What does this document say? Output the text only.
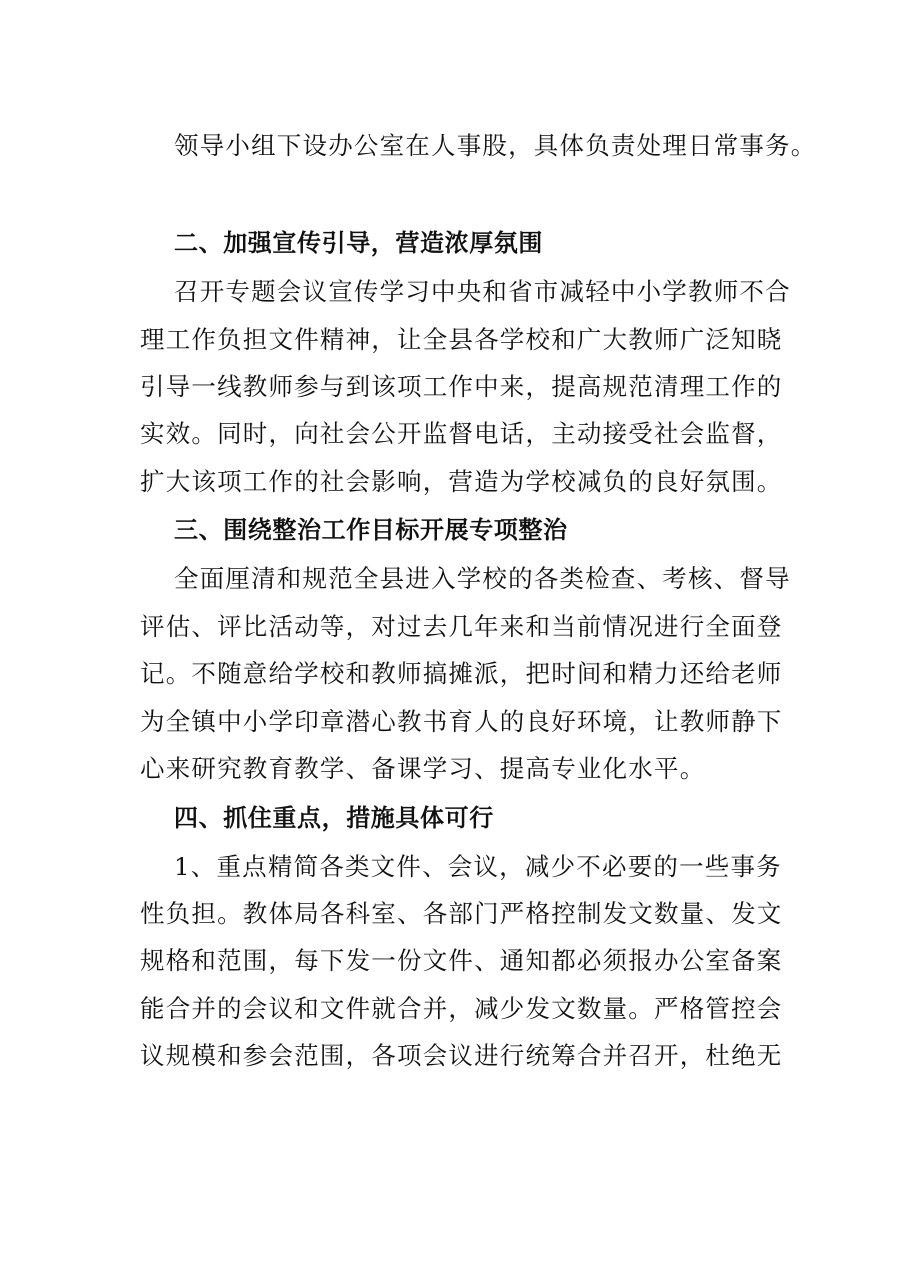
领导小组下设办公室在人事股，具体负责处理日常事务。
二、加强宣传引导，营造浓厚氛围
召开专题会议宣传学习中央和省市减轻中小学教师不合
理工作负担文件精神，让全县各学校和广大教师广泛知晓
引导一线教师参与到该项工作中来，提高规范清理工作的
实效。同时，向社会公开监督电话，主动接受社会监督，
扩大该项工作的社会影响，营造为学校减负的良好氛围。
三、围绕整治工作目标开展专项整治
全面厘清和规范全县进入学校的各类检查、考核、督导
评估、评比活动等，对过去几年来和当前情况进行全面登
记。不随意给学校和教师搞摊派，把时间和精力还给老师
为全镇中小学印章潜心教书育人的良好环境，让教师静下
心来研究教育教学、备课学习、提高专业化水平。
四、抓住重点，措施具体可行
1、重点精简各类文件、会议，减少不必要的一些事务
性负担。教体局各科室、各部门严格控制发文数量、发文
规格和范围，每下发一份文件、通知都必须报办公室备案
能合并的会议和文件就合并，减少发文数量。严格管控会
议规模和参会范围，各项会议进行统筹合并召开，杜绝无
